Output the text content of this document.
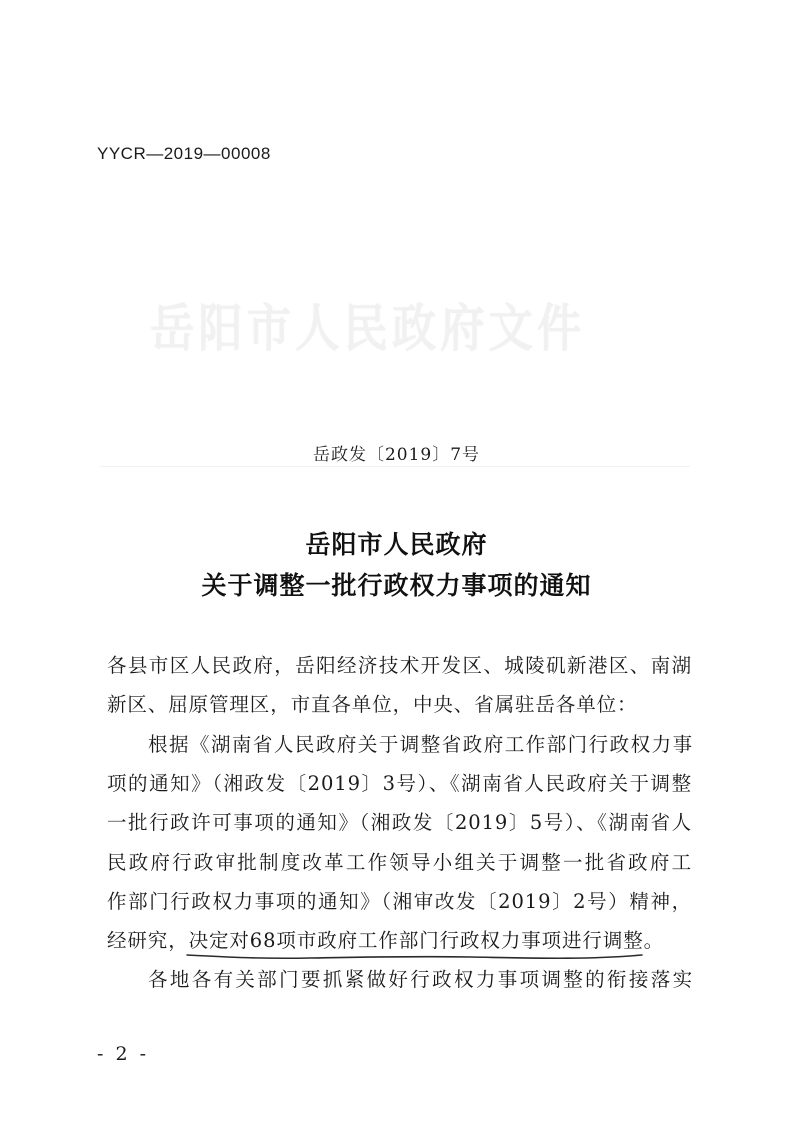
YYCR—2019—00008
岳阳市人民政府文件
岳政发〔2019〕7号
岳阳市人民政府
关于调整一批行政权力事项的通知
各县市区人民政府，岳阳经济技术开发区、城陵矶新港区、南湖
新区、屈原管理区，市直各单位，中央、省属驻岳各单位：
根据《湖南省人民政府关于调整省政府工作部门行政权力事
项的通知》（湘政发〔2019〕3号）、《湖南省人民政府关于调整
一批行政许可事项的通知》（湘政发〔2019〕5号）、《湖南省人
民政府行政审批制度改革工作领导小组关于调整一批省政府工
作部门行政权力事项的通知》（湘审改发〔2019〕2号）精神，
经研究，决定对68项市政府工作部门行政权力事项进行调整
。
各地各有关部门要抓紧做好行政权力事项调整的衔接落实
- 2 -
